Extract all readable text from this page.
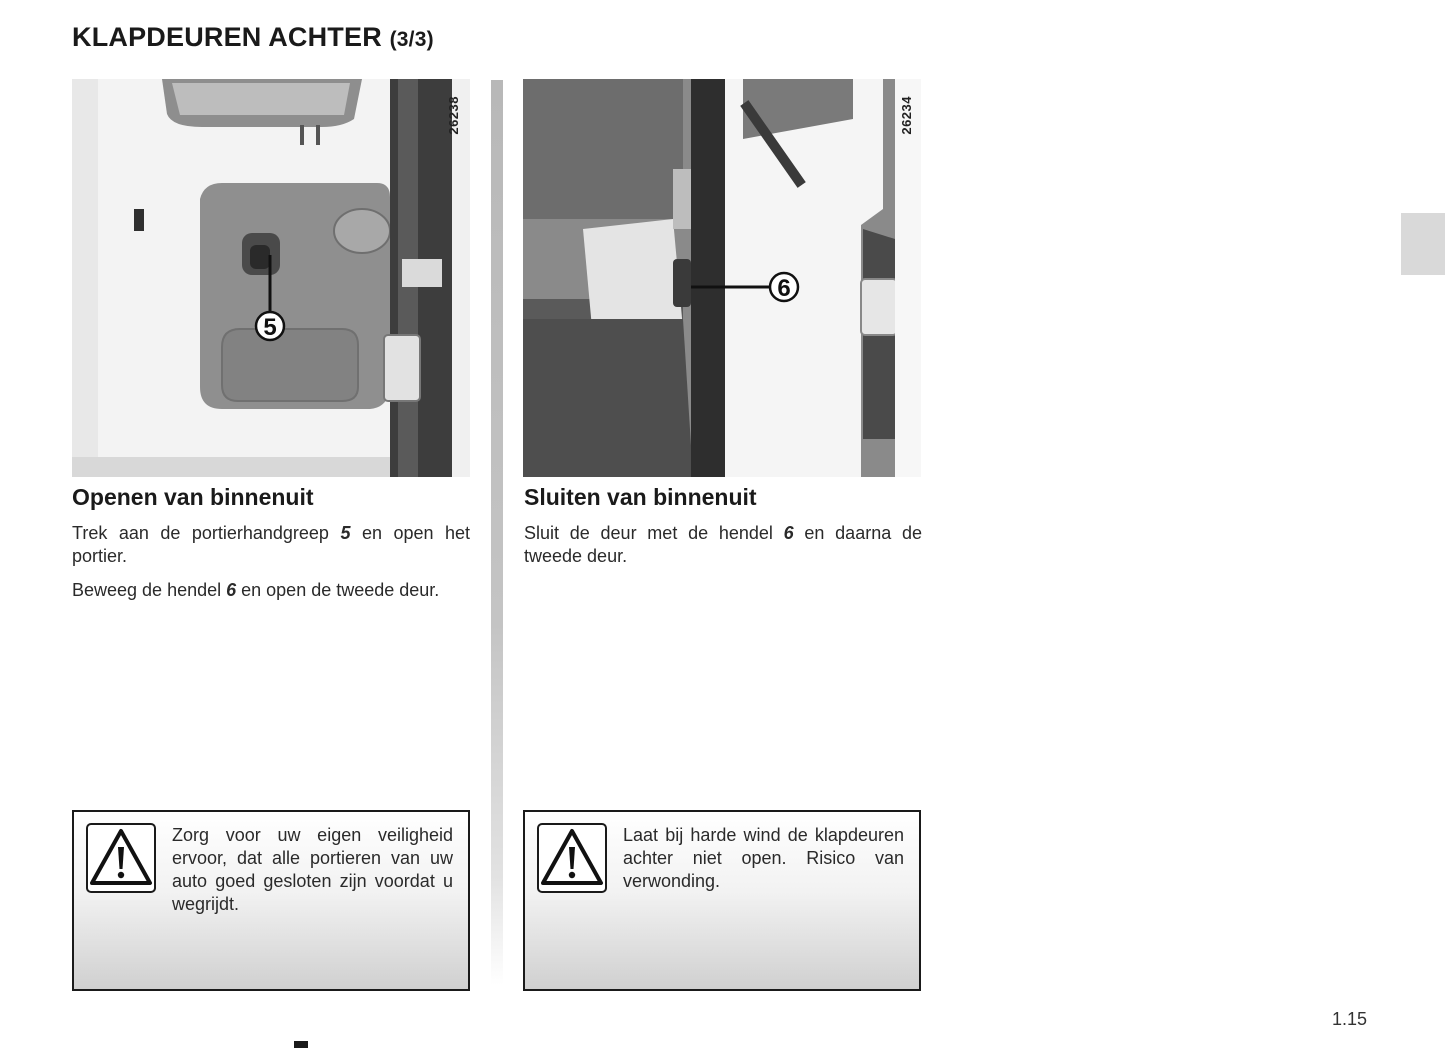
KLAPDEUREN ACHTER (3/3)
5
26238
6
26234
Openen van binnenuit

Trek aan de portierhandgreep 5 en open het portier.

Beweeg de hendel 6 en open de tweede deur.

Sluiten van binnenuit

Sluit de deur met de hendel 6 en daarna de tweede deur.

Zorg voor uw eigen veiligheid ervoor, dat alle portieren van uw auto goed gesloten zijn voordat u wegrijdt.

Laat bij harde wind de klapdeuren achter niet open. Risico van verwonding.

1.15
